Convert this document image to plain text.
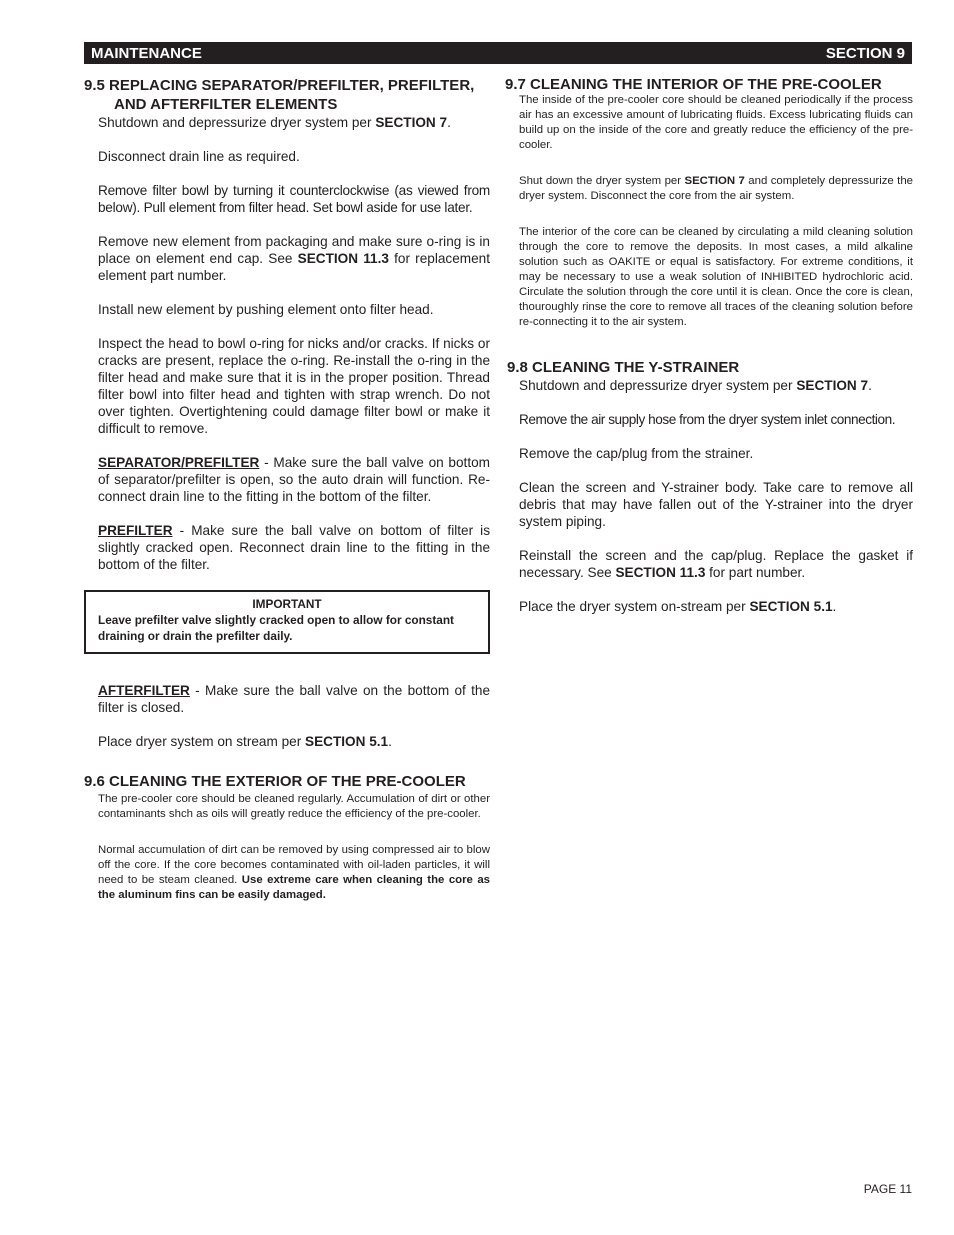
MAINTENANCE	SECTION 9
9.5 REPLACING SEPARATOR/PREFILTER, PREFILTER,
AND AFTERFILTER ELEMENTS

Shutdown and depressurize dryer system per SECTION 7.

Disconnect drain line as required.

Remove filter bowl by turning it counterclockwise (as viewed from below). Pull element from filter head. Set bowl aside for use later.

Remove new element from packaging and make sure o-ring is in place on element end cap. See SECTION 11.3 for replacement element part number.

Install new element by pushing element onto filter head.

Inspect the head to bowl o-ring for nicks and/or cracks. If nicks or cracks are present, replace the o-ring. Re-install the o-ring in the filter head and make sure that it is in the proper position. Thread filter bowl into filter head and tighten with strap wrench. Do not over tighten. Overtightening could damage filter bowl or make it difficult to remove.

SEPARATOR/PREFILTER - Make sure the ball valve on bottom of separator/prefilter is open, so the auto drain will function. Re-connect drain line to the fitting in the bottom of the filter.

PREFILTER - Make sure the ball valve on bottom of filter is slightly cracked open. Reconnect drain line to the fitting in the bottom of the filter.

IMPORTANT
Leave prefilter valve slightly cracked open to allow for constant draining or drain the prefilter daily.

AFTERFILTER - Make sure the ball valve on the bottom of the filter is closed.

Place dryer system on stream per SECTION 5.1.

9.6 CLEANING THE EXTERIOR OF THE PRE-COOLER

The pre-cooler core should be cleaned regularly. Accumulation of dirt or other contaminants shch as oils will greatly reduce the efficiency of the pre-cooler.

Normal accumulation of dirt can be removed by using compressed air to blow off the core. If the core becomes contaminated with oil-laden particles, it will need to be steam cleaned. Use extreme care when cleaning the core as the aluminum fins can be easily damaged.

9.7 CLEANING THE INTERIOR OF THE PRE-COOLER

The inside of the pre-cooler core should be cleaned periodically if the process air has an excessive amount of lubricating fluids. Excess lubricating fluids can build up on the inside of the core and greatly reduce the efficiency of the pre-cooler.

Shut down the dryer system per SECTION 7 and completely depressurize the dryer system. Disconnect the core from the air system.

The interior of the core can be cleaned by circulating a mild cleaning solution through the core to remove the deposits. In most cases, a mild alkaline solution such as OAKITE or equal is satisfactory. For extreme conditions, it may be necessary to use a weak solution of INHIBITED hydrochloric acid. Circulate the solution through the core until it is clean. Once the core is clean, thouroughly rinse the core to remove all traces of the cleaning solution before re-connecting it to the air system.

9.8 CLEANING THE Y-STRAINER

Shutdown and depressurize dryer system per SECTION 7.

Remove the air supply hose from the dryer system inlet connection.

Remove the cap/plug from the strainer.

Clean the screen and Y-strainer body. Take care to remove all debris that may have fallen out of the Y-strainer into the dryer system piping.

Reinstall the screen and the cap/plug. Replace the gasket if necessary. See SECTION 11.3 for part number.

Place the dryer system on-stream per SECTION 5.1.

PAGE 11
